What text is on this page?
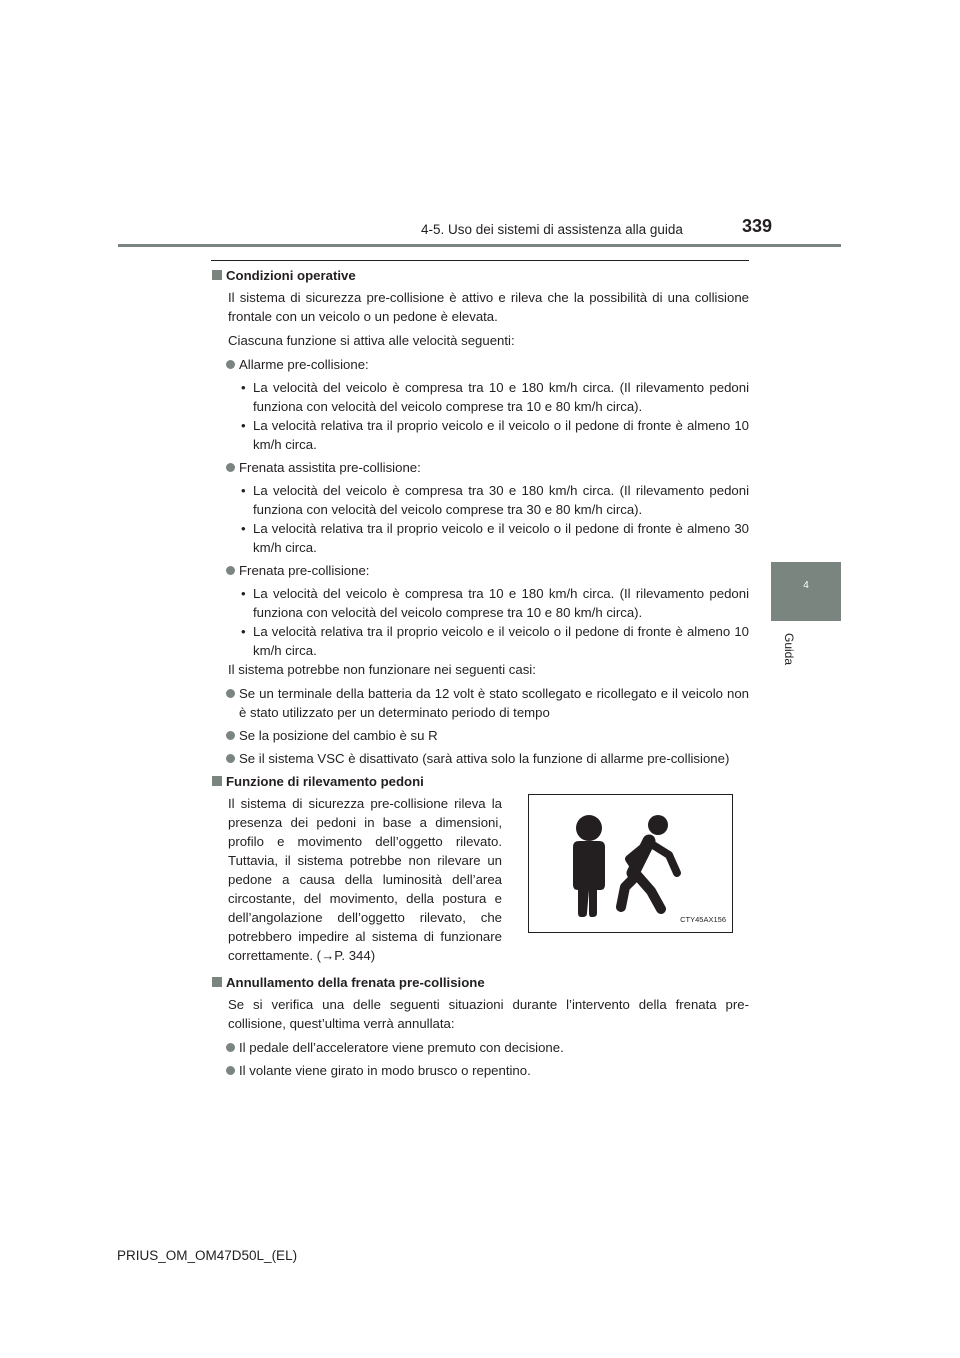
4-5. Uso dei sistemi di assistenza alla guida	339
4
Guida

Condizioni operative

Il sistema di sicurezza pre-collisione è attivo e rileva che la possibilità di una collisione frontale con un veicolo o un pedone è elevata.

Ciascuna funzione si attiva alle velocità seguenti:

Allarme pre-collisione:

• La velocità del veicolo è compresa tra 10 e 180 km/h circa. (Il rilevamento pedoni funziona con velocità del veicolo comprese tra 10 e 80 km/h circa).

• La velocità relativa tra il proprio veicolo e il veicolo o il pedone di fronte è almeno 10 km/h circa.

Frenata assistita pre-collisione:

• La velocità del veicolo è compresa tra 30 e 180 km/h circa. (Il rilevamento pedoni funziona con velocità del veicolo comprese tra 30 e 80 km/h circa).

• La velocità relativa tra il proprio veicolo e il veicolo o il pedone di fronte è almeno 30 km/h circa.

Frenata pre-collisione:

• La velocità del veicolo è compresa tra 10 e 180 km/h circa. (Il rilevamento pedoni funziona con velocità del veicolo comprese tra 10 e 80 km/h circa).

• La velocità relativa tra il proprio veicolo e il veicolo o il pedone di fronte è almeno 10 km/h circa.

Il sistema potrebbe non funzionare nei seguenti casi:

Se un terminale della batteria da 12 volt è stato scollegato e ricollegato e il veicolo non è stato utilizzato per un determinato periodo di tempo

Se la posizione del cambio è su R

Se il sistema VSC è disattivato (sarà attiva solo la funzione di allarme pre-collisione)

Funzione di rilevamento pedoni

Il sistema di sicurezza pre-collisione rileva la presenza dei pedoni in base a dimensioni, profilo e movimento dell’oggetto rilevato. Tuttavia, il sistema potrebbe non rilevare un pedone a causa della luminosità dell’area circostante, del movimento, della postura e dell’angolazione dell’oggetto rilevato, che potrebbero impedire al sistema di funzionare correttamente. (→P. 344)

CTY45AX156

Annullamento della frenata pre-collisione

Se si verifica una delle seguenti situazioni durante l’intervento della frenata pre-collisione, quest’ultima verrà annullata:

Il pedale dell’acceleratore viene premuto con decisione.

Il volante viene girato in modo brusco o repentino.

PRIUS_OM_OM47D50L_(EL)
